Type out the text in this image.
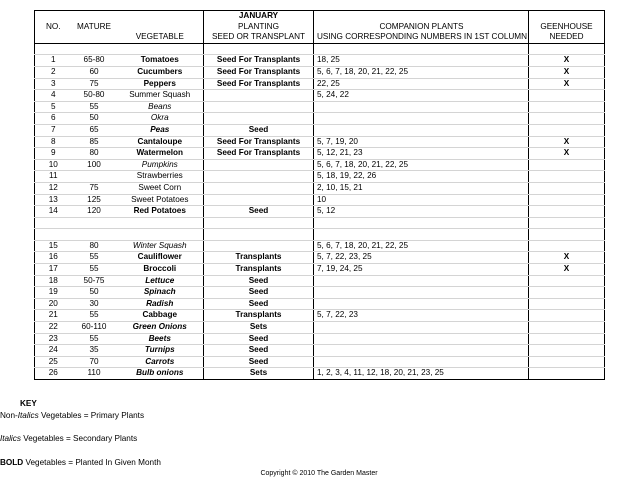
			JANUARY		
NO.	MATURE		PLANTING	COMPANION PLANTS	GEENHOUSE
		VEGETABLE	SEED OR TRANSPLANT	USING CORRESPONDING NUMBERS IN 1ST COLUMN	NEEDED

1	65-80	Tomatoes	Seed For Transplants	18, 25	X
2	60	Cucumbers	Seed For Transplants	5, 6, 7, 18, 20, 21, 22, 25	X
3	75	Peppers	Seed For Transplants	22, 25	X
4	50-80	Summer Squash		5, 24, 22	
5	55	Beans			
6	50	Okra			
7	65	Peas	Seed		
8	85	Cantaloupe	Seed For Transplants	5, 7, 19, 20	X
9	80	Watermelon	Seed For Transplants	5, 12, 21, 23	X
10	100	Pumpkins		5, 6, 7, 18, 20, 21, 22, 25	
11		Strawberries		5, 18, 19, 22, 26	
12	75	Sweet Corn		2, 10, 15, 21	
13	125	Sweet Potatoes		10	
14	120	Red Potatoes	Seed	5, 12	

15	80	Winter Squash		5, 6, 7, 18, 20, 21, 22, 25	
16	55	Cauliflower	Transplants	5, 7, 22, 23, 25	X
17	55	Broccoli	Transplants	7, 19, 24, 25	X
18	50-75	Lettuce	Seed		
19	50	Spinach	Seed		
20	30	Radish	Seed		
21	55	Cabbage	Transplants	5, 7, 22, 23	
22	60-110	Green Onions	Sets		
23	55	Beets	Seed		
24	35	Turnips	Seed		
25	70	Carrots	Seed		
26	110	Bulb onions	Sets	1, 2, 3, 4, 11, 12, 18, 20, 21, 23, 25	
KEY
Non-Italics Vegetables = Primary Plants
Italics Vegetables = Secondary Plants
BOLD Vegetables = Planted In Given Month
Copyright © 2010 The Garden Master
